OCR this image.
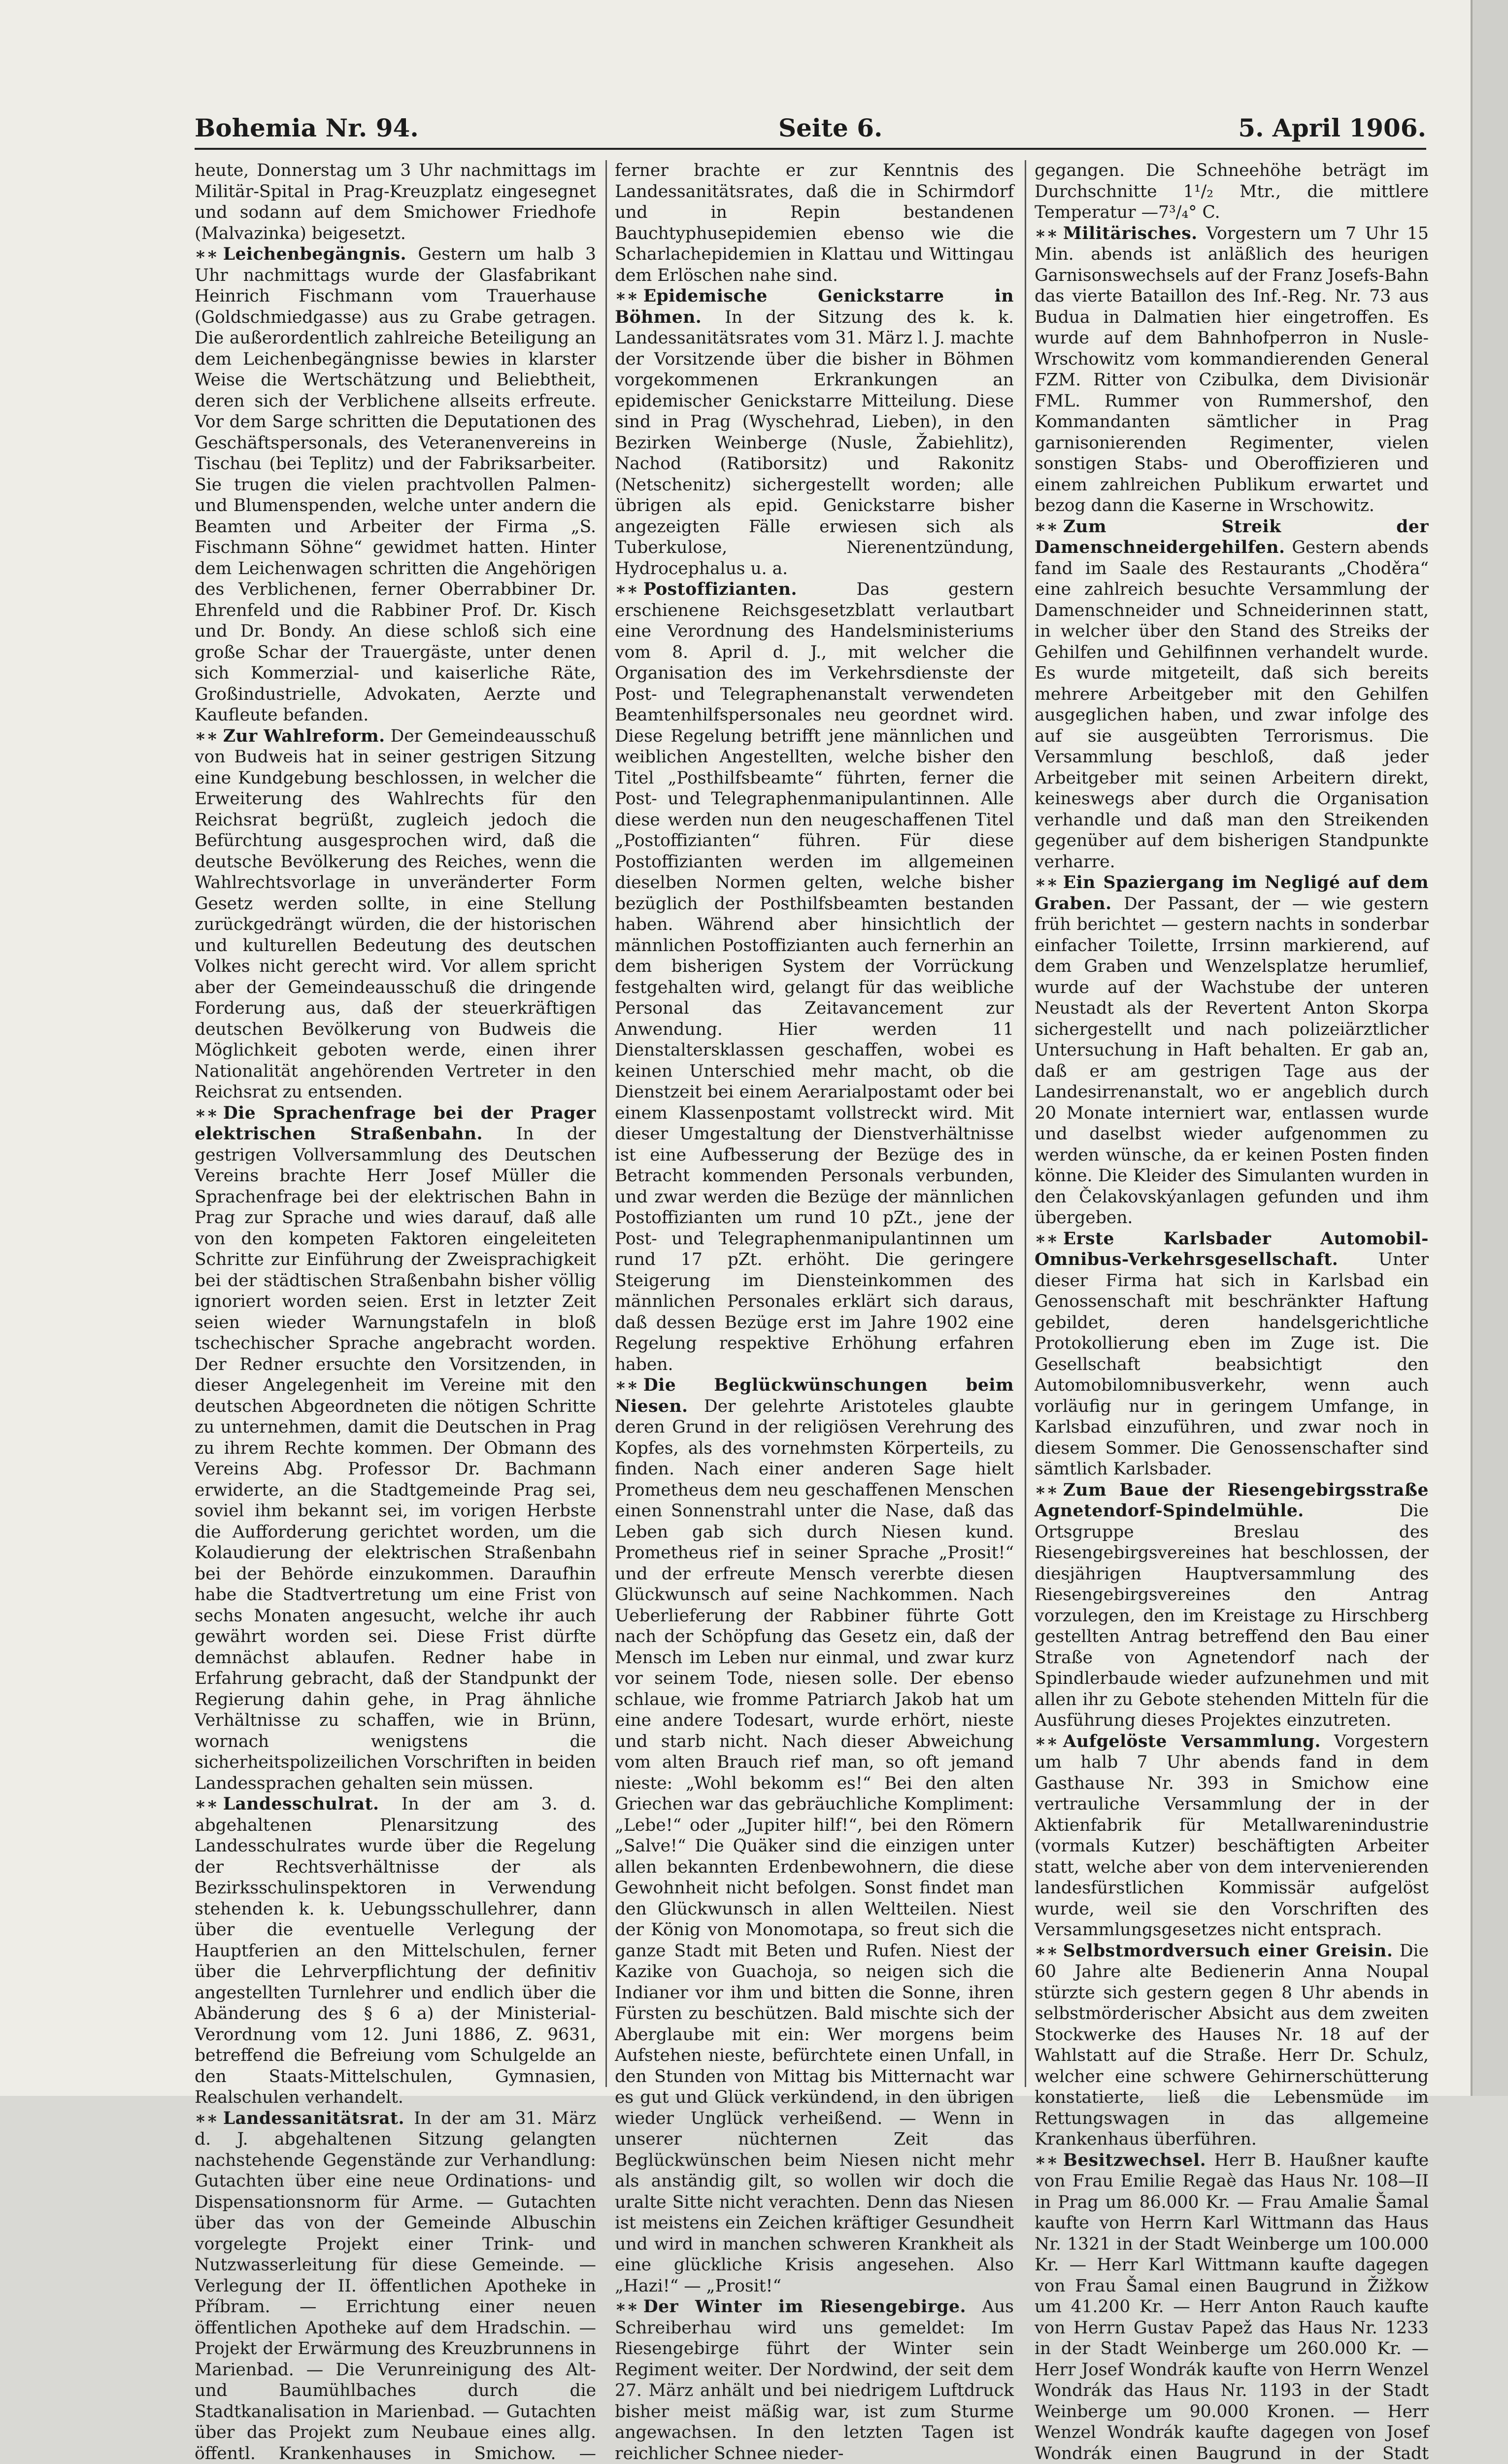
Bohemia Nr. 94.	Seite 6.	5. April 1906.

heute, Donnerstag um 3 Uhr nachmittags im Militär-Spital in Prag-Kreuzplatz eingesegnet und sodann auf dem Smichower Friedhofe (Malvazinka) beigesetzt.

∗∗ Leichenbegängnis. Gestern um halb 3 Uhr nachmittags wurde der Glasfabrikant Heinrich Fischmann vom Trauerhause (Goldschmiedgasse) aus zu Grabe getragen. Die außerordentlich zahlreiche Beteiligung an dem Leichenbegängnisse bewies in klarster Weise die Wertschätzung und Beliebtheit, deren sich der Verblichene allseits erfreute. Vor dem Sarge schritten die Deputationen des Geschäftspersonals, des Veteranenvereins in Tischau (bei Teplitz) und der Fabriksarbeiter. Sie trugen die vielen prachtvollen Palmen- und Blumenspenden, welche unter andern die Beamten und Arbeiter der Firma „S. Fischmann Söhne“ gewidmet hatten. Hinter dem Leichenwagen schritten die Angehörigen des Verblichenen, ferner Oberrabbiner Dr. Ehrenfeld und die Rabbiner Prof. Dr. Kisch und Dr. Bondy. An diese schloß sich eine große Schar der Trauergäste, unter denen sich Kommerzial- und kaiserliche Räte, Großindustrielle, Advokaten, Aerzte und Kaufleute befanden.

∗∗ Zur Wahlreform. Der Gemeindeausschuß von Budweis hat in seiner gestrigen Sitzung eine Kundgebung beschlossen, in welcher die Erweiterung des Wahlrechts für den Reichsrat begrüßt, zugleich jedoch die Befürchtung ausgesprochen wird, daß die deutsche Bevölkerung des Reiches, wenn die Wahlrechtsvorlage in unveränderter Form Gesetz werden sollte, in eine Stellung zurückgedrängt würden, die der historischen und kulturellen Bedeutung des deutschen Volkes nicht gerecht wird. Vor allem spricht aber der Gemeindeausschuß die dringende Forderung aus, daß der steuerkräftigen deutschen Bevölkerung von Budweis die Möglichkeit geboten werde, einen ihrer Nationalität angehörenden Vertreter in den Reichsrat zu entsenden.

∗∗ Die Sprachenfrage bei der Prager elektrischen Straßenbahn. In der gestrigen Vollversammlung des Deutschen Vereins brachte Herr Josef Müller die Sprachenfrage bei der elektrischen Bahn in Prag zur Sprache und wies darauf, daß alle von den kompeten Faktoren eingeleiteten Schritte zur Einführung der Zweisprachigkeit bei der städtischen Straßenbahn bisher völlig ignoriert worden seien. Erst in letzter Zeit seien wieder Warnungstafeln in bloß tschechischer Sprache angebracht worden. Der Redner ersuchte den Vorsitzenden, in dieser Angelegenheit im Vereine mit den deutschen Abgeordneten die nötigen Schritte zu unternehmen, damit die Deutschen in Prag zu ihrem Rechte kommen. Der Obmann des Vereins Abg. Professor Dr. Bachmann erwiderte, an die Stadtgemeinde Prag sei, soviel ihm bekannt sei, im vorigen Herbste die Aufforderung gerichtet worden, um die Kolaudierung der elektrischen Straßenbahn bei der Behörde einzukommen. Daraufhin habe die Stadtvertretung um eine Frist von sechs Monaten angesucht, welche ihr auch gewährt worden sei. Diese Frist dürfte demnächst ablaufen. Redner habe in Erfahrung gebracht, daß der Standpunkt der Regierung dahin gehe, in Prag ähnliche Verhältnisse zu schaffen, wie in Brünn, wornach wenigstens die sicherheitspolizeilichen Vorschriften in beiden Landessprachen gehalten sein müssen.

∗∗ Landesschulrat. In der am 3. d. abgehaltenen Plenarsitzung des Landesschulrates wurde über die Regelung der Rechtsverhältnisse der als Bezirksschulinspektoren in Verwendung stehenden k. k. Uebungsschullehrer, dann über die eventuelle Verlegung der Hauptferien an den Mittelschulen, ferner über die Lehrverpflichtung der definitiv angestellten Turnlehrer und endlich über die Abänderung des § 6 a) der Ministerial-Verordnung vom 12. Juni 1886, Z. 9631, betreffend die Befreiung vom Schulgelde an den Staats-Mittelschulen, Gymnasien, Realschulen verhandelt.

∗∗ Landessanitätsrat. In der am 31. März d. J. abgehaltenen Sitzung gelangten nachstehende Gegenstände zur Verhandlung: Gutachten über eine neue Ordinations- und Dispensationsnorm für Arme. — Gutachten über das von der Gemeinde Albuschin vorgelegte Projekt einer Trink- und Nutzwasserleitung für diese Gemeinde. — Verlegung der II. öffentlichen Apotheke in Příbram. — Errichtung einer neuen öffentlichen Apotheke auf dem Hradschin. — Projekt der Erwärmung des Kreuzbrunnens in Marienbad. — Die Verunreinigung des Alt- und Baumühlbaches durch die Stadtkanalisation in Marienbad. — Gutachten über das Projekt zum Neubaue eines allg. öffentl. Krankenhauses in Smichow. —

ferner brachte er zur Kenntnis des Landessanitätsrates, daß die in Schirmdorf und in Repin bestandenen Bauchtyphusepidemien ebenso wie die Scharlachepidemien in Klattau und Wittingau dem Erlöschen nahe sind.

∗∗ Epidemische Genickstarre in Böhmen. In der Sitzung des k. k. Landessanitätsrates vom 31. März l. J. machte der Vorsitzende über die bisher in Böhmen vorgekommenen Erkrankungen an epidemischer Genickstarre Mitteilung. Diese sind in Prag (Wyschehrad, Lieben), in den Bezirken Weinberge (Nusle, Žabiehlitz), Nachod (Ratiborsitz) und Rakonitz (Netschenitz) sichergestellt worden; alle übrigen als epid. Genickstarre bisher angezeigten Fälle erwiesen sich als Tuberkulose, Nierenentzündung, Hydrocephalus u. a.

∗∗ Postoffizianten.	Das gestern erschienene Reichsgesetzblatt verlautbart eine Verordnung des Handelsministeriums vom 8. April d. J., mit welcher die Organisation des im Verkehrsdienste der Post- und Telegraphenanstalt verwendeten Beamtenhilfspersonales neu geordnet wird. Diese Regelung betrifft jene männlichen und weiblichen Angestellten, welche bisher den Titel „Posthilfsbeamte“ führten, ferner die Post- und Telegraphenmanipulantinnen. Alle diese werden nun den neugeschaffenen Titel „Postoffizianten“ führen. Für diese Postoffizianten werden im allgemeinen dieselben Normen gelten, welche bisher bezüglich der Posthilfsbeamten bestanden haben. Während aber hinsichtlich der männlichen Postoffizianten auch fernerhin an dem bisherigen System der Vorrückung festgehalten wird, gelangt für das weibliche Personal das Zeitavancement zur Anwendung. Hier werden 11 Dienstaltersklassen geschaffen, wobei es keinen Unterschied mehr macht, ob die Dienstzeit bei einem Aerarialpostamt oder bei einem Klassenpostamt vollstreckt wird. Mit dieser Umgestaltung der Dienstverhältnisse ist eine Aufbesserung der Bezüge des in Betracht kommenden Personals verbunden, und zwar werden die Bezüge der männlichen Postoffizianten um rund 10 pZt., jene der Post- und Telegraphenmanipulantinnen um rund 17 pZt. erhöht. Die geringere Steigerung im Diensteinkommen des männlichen Personales erklärt sich daraus, daß dessen Bezüge erst im Jahre 1902 eine Regelung respektive Erhöhung erfahren haben.

∗∗ Die Beglückwünschungen beim Niesen. Der gelehrte Aristoteles glaubte deren Grund in der religiösen Verehrung des Kopfes, als des vornehmsten Körperteils, zu finden. Nach einer anderen Sage hielt Prometheus dem neu geschaffenen Menschen einen Sonnenstrahl unter die Nase, daß das Leben gab sich durch Niesen kund. Prometheus rief in seiner Sprache „Prosit!“ und der erfreute Mensch vererbte diesen Glückwunsch auf seine Nachkommen. Nach Ueberlieferung der Rabbiner führte Gott nach der Schöpfung das Gesetz ein, daß der Mensch im Leben nur einmal, und zwar kurz vor seinem Tode, niesen solle. Der ebenso schlaue, wie fromme Patriarch Jakob hat um eine andere Todesart, wurde erhört, nieste und starb nicht. Nach dieser Abweichung vom alten Brauch rief man, so oft jemand nieste: „Wohl bekomm es!“ Bei den alten Griechen war das gebräuchliche Kompliment: „Lebe!“ oder „Jupiter hilf!“, bei den Römern „Salve!“ Die Quäker sind die einzigen unter allen bekannten Erdenbewohnern, die diese Gewohnheit nicht befolgen. Sonst findet man den Glückwunsch in allen Weltteilen. Niest der König von Monomotapa, so freut sich die ganze Stadt mit Beten und Rufen. Niest der Kazike von Guachoja, so neigen sich die Indianer vor ihm und bitten die Sonne, ihren Fürsten zu beschützen. Bald mischte sich der Aberglaube mit ein: Wer morgens beim Aufstehen nieste, befürchtete einen Unfall, in den Stunden von Mittag bis Mitternacht war es gut und Glück verkündend, in den übrigen wieder Unglück verheißend. — Wenn in unserer nüchternen Zeit das Beglückwünschen beim Niesen nicht mehr als anständig gilt, so wollen wir doch die uralte Sitte nicht verachten. Denn das Niesen ist meistens ein Zeichen kräftiger Gesundheit und wird in manchen schweren Krankheit als eine glückliche Krisis angesehen. Also „Hazi!“ — „Prosit!“

∗∗ Der Winter im Riesengebirge. Aus Schreiberhau wird uns gemeldet: Im Riesengebirge führt der Winter sein Regiment weiter. Der Nordwind, der seit dem 27. März anhält und bei niedrigem Luftdruck bisher meist mäßig war, ist zum Sturme angewachsen. In den letzten Tagen ist reichlicher Schnee nieder-

gegangen. Die Schneehöhe beträgt im Durchschnitte 1¹/₂ Mtr., die mittlere Temperatur —7³/₄° C.

∗∗ Militärisches. Vorgestern um 7 Uhr 15 Min. abends ist anläßlich des heurigen Garnisonswechsels auf der Franz Josefs-Bahn das vierte Bataillon des Inf.-Reg. Nr. 73 aus Budua in Dalmatien hier eingetroffen. Es wurde auf dem Bahnhofperron in Nusle-Wrschowitz vom kommandierenden General FZM. Ritter von Czibulka, dem Divisionär FML. Rummer von Rummershof, den Kommandanten sämtlicher in Prag garnisonierenden Regimenter, vielen sonstigen Stabs- und Oberoffizieren und einem zahlreichen Publikum erwartet und bezog dann die Kaserne in Wrschowitz.

∗∗ Zum Streik der Damenschneidergehilfen. Gestern abends fand im Saale des Restaurants „Choděra“ eine zahlreich besuchte Versammlung der Damenschneider und Schneiderinnen statt, in welcher über den Stand des Streiks der Gehilfen und Gehilfinnen verhandelt wurde. Es wurde mitgeteilt, daß sich bereits mehrere Arbeitgeber mit den Gehilfen ausgeglichen haben, und zwar infolge des auf sie ausgeübten Terrorismus. Die Versammlung beschloß, daß jeder Arbeitgeber mit seinen Arbeitern direkt, keineswegs aber durch die Organisation verhandle und daß man den Streikenden gegenüber auf dem bisherigen Standpunkte verharre.

∗∗ Ein Spaziergang im Negligé auf dem Graben. Der Passant, der — wie gestern früh berichtet — gestern nachts in sonderbar einfacher Toilette, Irrsinn markierend, auf dem Graben und Wenzelsplatze herumlief, wurde auf der Wachstube der unteren Neustadt als der Revertent Anton Skorpa sichergestellt und nach polizeiärztlicher Untersuchung in Haft behalten. Er gab an, daß er am gestrigen Tage aus der Landesirrenanstalt, wo er angeblich durch 20 Monate interniert war, entlassen wurde und daselbst wieder aufgenommen zu werden wünsche, da er keinen Posten finden könne. Die Kleider des Simulanten wurden in den Čelakovskýanlagen gefunden und ihm übergeben.

∗∗ Erste Karlsbader Automobil-Omnibus-Verkehrsgesellschaft. Unter dieser Firma hat sich in Karlsbad ein Genossenschaft mit beschränkter Haftung gebildet, deren handelsgerichtliche Protokollierung eben im Zuge ist. Die Gesellschaft beabsichtigt den Automobilomnibusverkehr, wenn auch vorläufig nur in geringem Umfange, in Karlsbad einzuführen, und zwar noch in diesem Sommer. Die Genossenschafter sind sämtlich Karlsbader.

∗∗ Zum Baue der Riesengebirgsstraße Agnetendorf-Spindelmühle.	Die Ortsgruppe Breslau des Riesengebirgsvereines hat beschlossen, der diesjährigen Hauptversammlung des Riesengebirgsvereines den Antrag vorzulegen, den im Kreistage zu Hirschberg gestellten Antrag betreffend den Bau einer Straße von Agnetendorf nach der Spindlerbaude wieder aufzunehmen und mit allen ihr zu Gebote stehenden Mitteln für die Ausführung dieses Projektes einzutreten.

∗∗ Aufgelöste Versammlung. Vorgestern um halb 7 Uhr abends fand in dem Gasthause Nr. 393 in Smichow eine vertrauliche Versammlung der in der Aktienfabrik für Metallwarenindustrie (vormals Kutzer) beschäftigten Arbeiter statt, welche aber von dem intervenierenden landesfürstlichen Kommissär aufgelöst wurde, weil sie den Vorschriften des Versammlungsgesetzes nicht entsprach.

∗∗ Selbstmordversuch einer Greisin. Die 60 Jahre alte Bedienerin Anna Noupal stürzte sich gestern gegen 8 Uhr abends in selbstmörderischer Absicht aus dem zweiten Stockwerke des Hauses Nr. 18 auf der Wahlstatt auf die Straße. Herr Dr. Schulz, welcher eine schwere Gehirnerschütterung konstatierte, ließ die Lebensmüde im Rettungswagen in das allgemeine Krankenhaus überführen.

∗∗ Besitzwechsel. Herr B. Haußner kaufte von Frau Emilie Regaè das Haus Nr. 108—II in Prag um 86.000 Kr. — Frau Amalie Šamal kaufte von Herrn Karl Wittmann das Haus Nr. 1321 in der Stadt Weinberge um 100.000 Kr. — Herr Karl Wittmann kaufte dagegen von Frau Šamal einen Baugrund in Žižkow um 41.200 Kr. — Herr Anton Rauch kaufte von Herrn Gustav Papež das Haus Nr. 1233 in der Stadt Weinberge um 260.000 Kr. — Herr Josef Wondrák kaufte von Herrn Wenzel Wondrák das Haus Nr. 1193 in der Stadt Weinberge um 90.000 Kronen. — Herr Wenzel Wondrák kaufte dagegen von Josef Wondrák einen Baugrund in der Stadt
